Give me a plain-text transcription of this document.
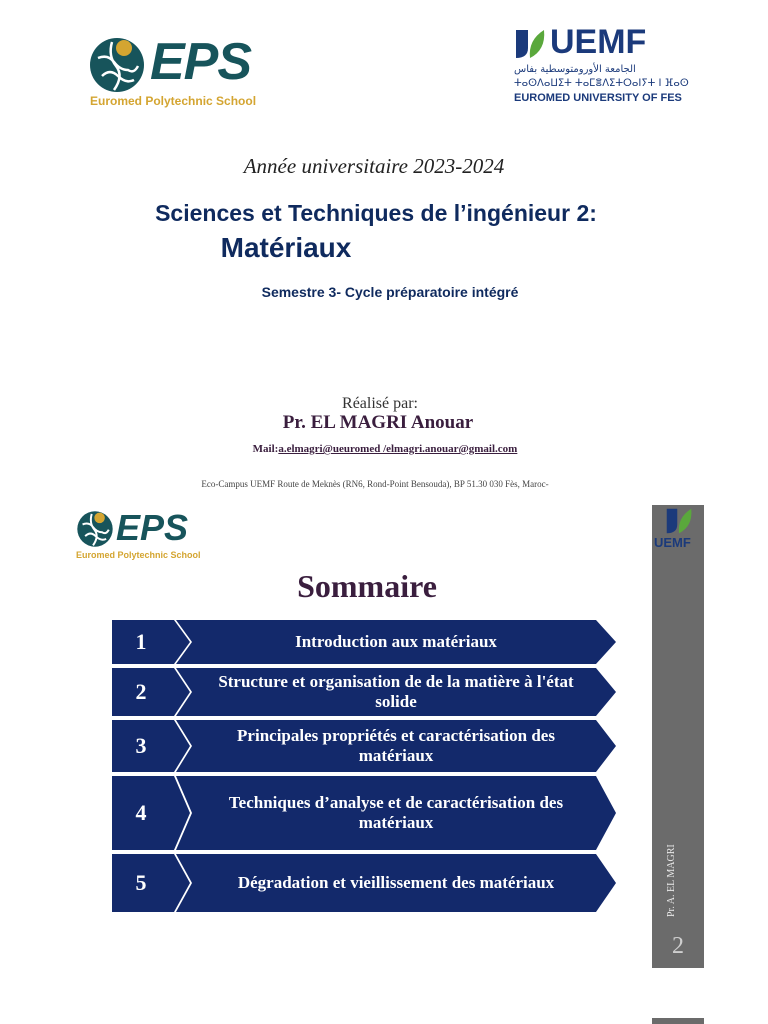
EPS
Euromed Polytechnic School
UEMF
الجامعة الأورومتوسطية بفاس
ⵜⴰⵙⴷⴰⵡⵉⵜ ⵜⴰⵎⴻⴷⵉⵜⵔⴰⵏⵢⵜ ⵏ ⴼⴰⵙ
EUROMED UNIVERSITY OF FES
Année universitaire 2023-2024
Sciences et Techniques de l’ingénieur 2:
Matériaux
Semestre 3- Cycle préparatoire intégré
Réalisé par:
Pr. EL MAGRI Anouar
Mail:a.elmagri@ueuromed /elmagri.anouar@gmail.com
Eco-Campus UEMF Route de Meknès (RN6, Rond-Point Bensouda), BP 51.30 030 Fès, Maroc-
EPS
Euromed Polytechnic School
UEMF
Pr. A. EL MAGRI
2
Sommaire
1	Introduction aux matériaux
2	Structure et organisation de de la matière à l'état solide
3	Principales propriétés et caractérisation des matériaux
4	Techniques d’analyse et de caractérisation des matériaux
5	Dégradation et vieillissement des matériaux
